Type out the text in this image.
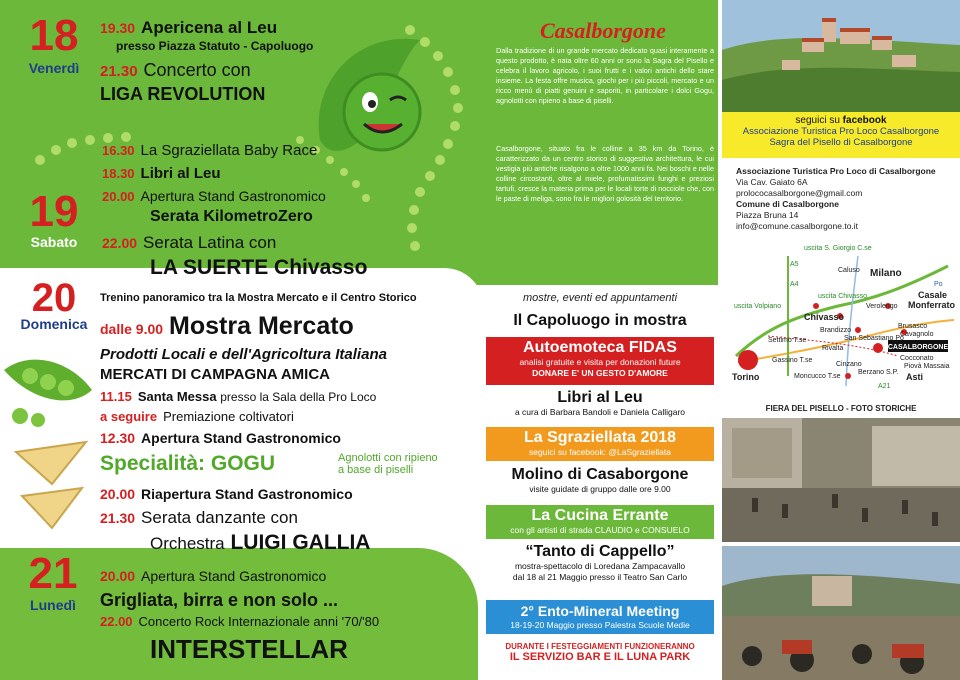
18
Venerdì
19.30 Apericena al Leu
presso Piazza Statuto - Capoluogo
21.30 Concerto con
LIGA REVOLUTION
19
Sabato
16.30 La Sgraziellata Baby Race
18.30 Libri al Leu
20.00 Apertura Stand Gastronomico
Serata KilometroZero
22.00 Serata Latina con
LA SUERTE Chivasso
20
Domenica
Trenino panoramico tra la Mostra Mercato e il Centro Storico
dalle 9.00 Mostra Mercato
Prodotti Locali e dell'Agricoltura Italiana
MERCATI DI CAMPAGNA AMICA
11.15 Santa Messa presso la Sala della Pro Loco
a seguire Premiazione coltivatori
12.30 Apertura Stand Gastronomico
Specialità: GOGU	Agnolotti con ripieno
a base di piselli
20.00 Riapertura Stand Gastronomico
21.30 Serata danzante con
Orchestra LUIGI GALLIA
21
Lunedì
20.00 Apertura Stand Gastronomico
Grigliata, birra e non solo ...
22.00 Concerto Rock Internazionale anni '70/'80
INTERSTELLAR
Casalborgone
Dalla tradizione di un grande mercato dedicato quasi interamente a questo prodotto, è nata oltre 60 anni or sono la Sagra del Pisello e celebra il lavoro agricolo, i suoi frutti e i valori antichi dello stare insieme. La festa offre musica, giochi per i più piccoli, mercato e un ricco menù di piatti genuini e saporiti, in particolare i dolci Gogu, agnolotti con ripieno a base di piselli.
Casalborgone, situato fra le colline a 35 km da Torino, è caratterizzato da un centro storico di suggestiva architettura, le cui vestigia più antiche risalgono a oltre 1000 anni fa. Nei boschi e nelle colline circostanti, oltre al miele, profumatissimi funghi e preziosi tartufi, cresce la materia prima per le locali torte di nocciole che, con le paste di meliga, sono fra le migliori golosità del territorio.
mostre, eventi ed appuntamenti
Il Capoluogo in mostra
Autoemoteca FIDAS
analisi gratuite e visita per donazioni future
DONARE E' UN GESTO D'AMORE
Libri al Leu
a cura di Barbara Bandoli e Daniela Calligaro
La Sgraziellata 2018
seguici su facebook: @LaSgraziellata
Molino di Casaborgone
visite guidate di gruppo dalle ore 9.00
La Cucina Errante
con gli artisti di strada CLAUDIO e CONSUELO
“Tanto di Cappello”
mostra-spettacolo di Loredana Zampacavallo
dal 18 al 21 Maggio presso il Teatro San Carlo
2° Ento-Mineral Meeting
18-19-20 Maggio presso Palestra Scuole Medie
DURANTE I FESTEGGIAMENTI FUNZIONERANNO
IL SERVIZIO BAR E IL LUNA PARK
seguici su facebook
Associazione Turistica Pro Loco Casalborgone
Sagra del Pisello di Casalborgone
Associazione Turistica Pro Loco di Casalborgone
Via Cav. Gaiato 6A
prolococasalborgone@gmail.com
Comune di Casalborgone
Piazza Bruna 14
info@comune.casalborgone.to.it
CASALBORGONE
Milano
Casale
Monferrato
Chivasso
Torino	Asti
Brandizzo
Verolengo
Rivalta
Brusasco
Cavagnolo
Settimo T.se
Gassino T.se
Cinzano
Berzano S.P.
Cocconato
Piovà Massaia
Moncucco T.se
San Sebastiano Po
Caluso
uscita S. Giorgio C.se
uscita Volpiano
uscita Chivasso
A4
A5
A21
Po
FIERA DEL PISELLO - FOTO STORICHE
